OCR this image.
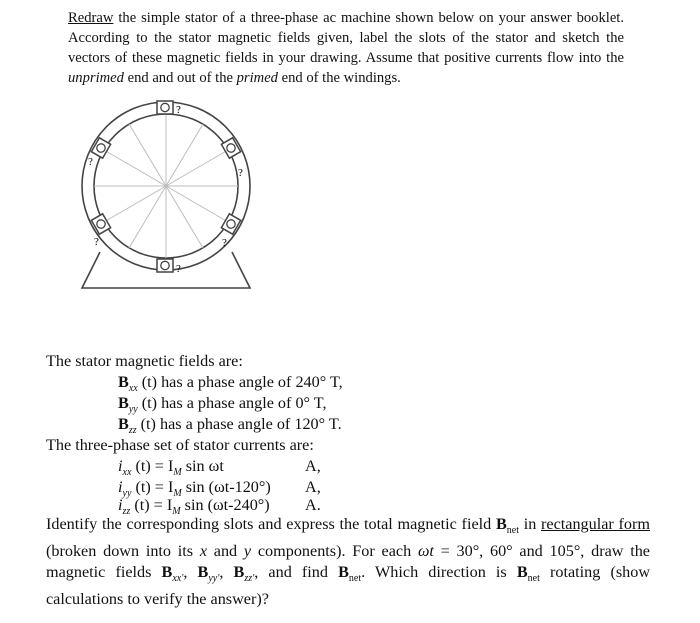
Redraw the simple stator of a three-phase ac machine shown below on your answer booklet. According to the stator magnetic fields given, label the slots of the stator and sketch the vectors of these magnetic fields in your drawing. Assume that positive currents flow into the unprimed end and out of the primed end of the windings.
?
?
?
?
?
?
The stator magnetic fields are:
$B_{xx}$ (t) has a phase angle of 240° T,
$B_{yy}$ (t) has a phase angle of 0° T,
$B_{zz}$ (t) has a phase angle of 120° T.
The three-phase set of stator currents are:
$i_{xx}$ $(t) = I_M$ sin ωt	A,
$i_{yy}$ $(t) = I_M$ sin (ωt-120°) A,
$i_{zz}$ $(t) = I_M$ sin (ωt-240°) A.
Identify the corresponding slots and express the total magnetic field $B_{net}$ in rectangular form (broken down into its x and y components). For each ωt = 30°, 60° and 105°, draw the magnetic fields $B_{xx'}$, $B_{yy'}$, $B_{zz'}$, and find $B_{net}$. Which direction is $B_{net}$ rotating (show calculations to verify the answer)?
